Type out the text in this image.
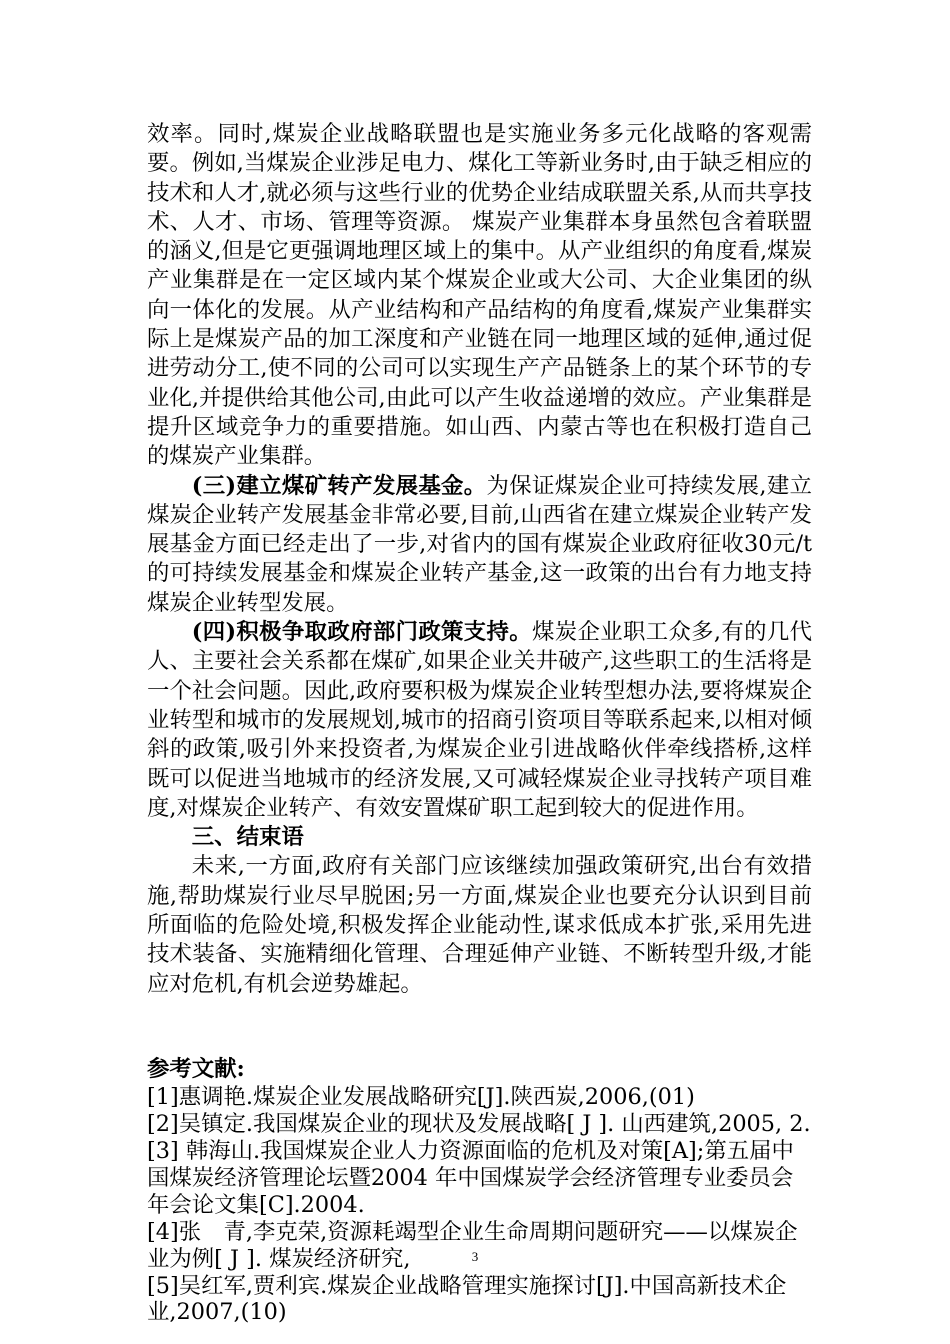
效率。同时,煤炭企业战略联盟也是实施业务多元化战略的客观需要。例如,当煤炭企业涉足电力、煤化工等新业务时,由于缺乏相应的技术和人才,就必须与这些行业的优势企业结成联盟关系,从而共享技术、人才、市场、管理等资源。 煤炭产业集群本身虽然包含着联盟的涵义,但是它更强调地理区域上的集中。从产业组织的角度看,煤炭产业集群是在一定区域内某个煤炭企业或大公司、大企业集团的纵向一体化的发展。从产业结构和产品结构的角度看,煤炭产业集群实际上是煤炭产品的加工深度和产业链在同一地理区域的延伸,通过促进劳动分工,使不同的公司可以实现生产产品链条上的某个环节的专业化,并提供给其他公司,由此可以产生收益递增的效应。产业集群是提升区域竞争力的重要措施。如山西、内蒙古等也在积极打造自己的煤炭产业集群。

(三)建立煤矿转产发展基金。为保证煤炭企业可持续发展,建立煤炭企业转产发展基金非常必要,目前,山西省在建立煤炭企业转产发展基金方面已经走出了一步,对省内的国有煤炭企业政府征收30元/t的可持续发展基金和煤炭企业转产基金,这一政策的出台有力地支持煤炭企业转型发展。

(四)积极争取政府部门政策支持。煤炭企业职工众多,有的几代人、主要社会关系都在煤矿,如果企业关井破产,这些职工的生活将是一个社会问题。因此,政府要积极为煤炭企业转型想办法,要将煤炭企业转型和城市的发展规划,城市的招商引资项目等联系起来,以相对倾斜的政策,吸引外来投资者,为煤炭企业引进战略伙伴牵线搭桥,这样既可以促进当地城市的经济发展,又可减轻煤炭企业寻找转产项目难度,对煤炭企业转产、有效安置煤矿职工起到较大的促进作用。

三、结束语

未来,一方面,政府有关部门应该继续加强政策研究,出台有效措施,帮助煤炭行业尽早脱困;另一方面,煤炭企业也要充分认识到目前所面临的危险处境,积极发挥企业能动性,谋求低成本扩张,采用先进技术装备、实施精细化管理、合理延伸产业链、不断转型升级,才能应对危机,有机会逆势雄起。

参考文献:

[1]惠调艳.煤炭企业发展战略研究[J].陕西炭,2006,(01)

[2]吴镇定.我国煤炭企业的现状及发展战略[ J ]. 山西建筑,2005, 2.

[3] 韩海山.我国煤炭企业人力资源面临的危机及对策[A];第五届中国煤炭经济管理论坛暨2004 年中国煤炭学会经济管理专业委员会年会论文集[C].2004.

[4]张　青,李克荣,资源耗竭型企业生命周期问题研究——以煤炭企业为例[ J ]. 煤炭经济研究,

[5]吴红军,贾利宾.煤炭企业战略管理实施探讨[J].中国高新技术企业,2007,(10)

3
